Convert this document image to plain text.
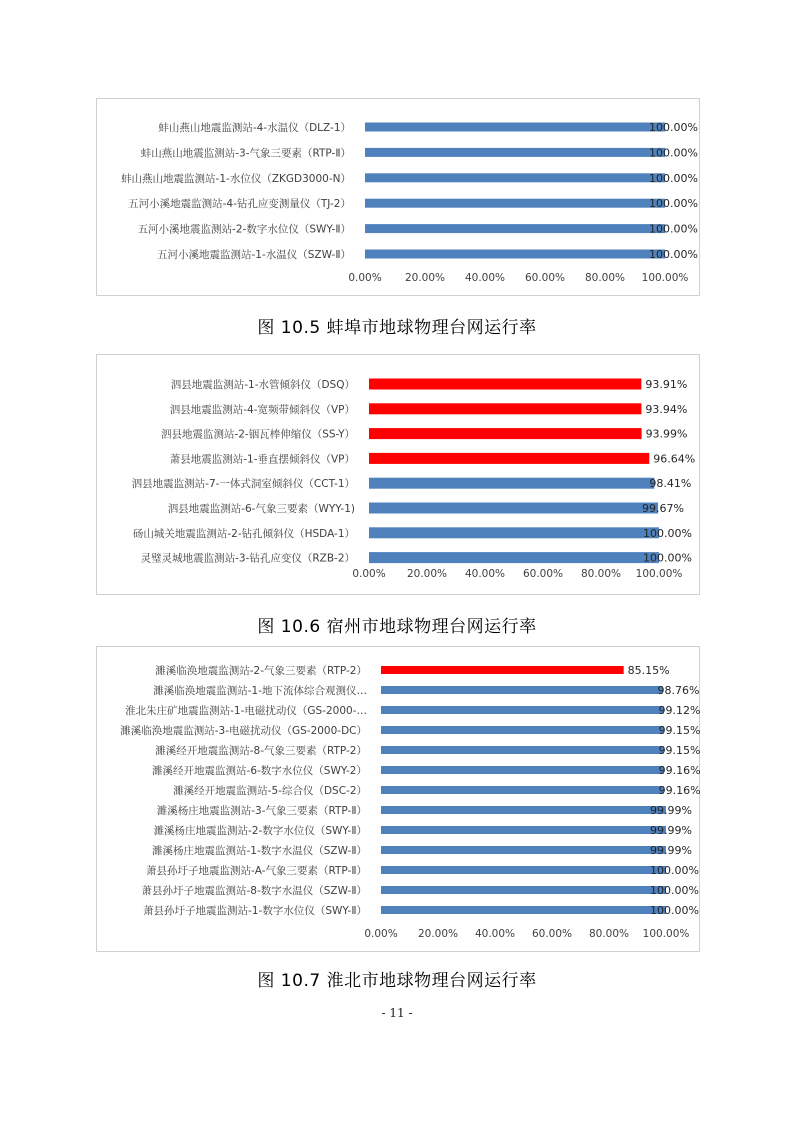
蚌山燕山地震监测站-4-水温仪（DLZ-1）	100.00%
蚌山燕山地震监测站-3-气象三要素（RTP-Ⅱ）	100.00%
蚌山燕山地震监测站-1-水位仪（ZKGD3000-N）	100.00%
五河小溪地震监测站-4-钻孔应变测量仪（TJ-2）	100.00%
五河小溪地震监测站-2-数字水位仪（SWY-Ⅱ）	100.00%
五河小溪地震监测站-1-水温仪（SZW-Ⅱ）	100.00%
0.00% 20.00% 40.00% 60.00% 80.00% 100.00%
图 10.5 蚌埠市地球物理台网运行率
泗县地震监测站-1-水管倾斜仪（DSQ）	93.91%
泗县地震监测站-4-宽频带倾斜仪（VP）	93.94%
泗县地震监测站-2-铟瓦棒伸缩仪（SS-Y）	93.99%
萧县地震监测站-1-垂直摆倾斜仪（VP）	96.64%
泗县地震监测站-7-一体式洞室倾斜仪（CCT-1）	98.41%
泗县地震监测站-6-气象三要素（WYY-1)	99.67%
砀山城关地震监测站-2-钻孔倾斜仪（HSDA-1）	100.00%
灵璧灵城地震监测站-3-钻孔应变仪（RZB-2）	100.00%
0.00% 20.00% 40.00% 60.00% 80.00% 100.00%
图 10.6 宿州市地球物理台网运行率
濉溪临涣地震监测站-2-气象三要素（RTP-2）	85.15%
濉溪临涣地震监测站-1-地下流体综合观测仪…	98.76%
淮北朱庄矿地震监测站-1-电磁扰动仪（GS-2000-…	99.12%
濉溪临涣地震监测站-3-电磁扰动仪（GS-2000-DC）	99.15%
濉溪经开地震监测站-8-气象三要素（RTP-2）	99.15%
濉溪经开地震监测站-6-数字水位仪（SWY-2）	99.16%
濉溪经开地震监测站-5-综合仪（DSC-2）	99.16%
濉溪杨庄地震监测站-3-气象三要素（RTP-Ⅱ）	99.99%
濉溪杨庄地震监测站-2-数字水位仪（SWY-Ⅱ）	99.99%
濉溪杨庄地震监测站-1-数字水温仪（SZW-Ⅱ）	99.99%
萧县孙圩子地震监测站-A-气象三要素（RTP-Ⅱ）	100.00%
萧县孙圩子地震监测站-8-数字水温仪（SZW-Ⅱ）	100.00%
萧县孙圩子地震监测站-1-数字水位仪（SWY-Ⅱ）	100.00%
0.00% 20.00% 40.00% 60.00% 80.00% 100.00%
图 10.7 淮北市地球物理台网运行率
- 11 -
